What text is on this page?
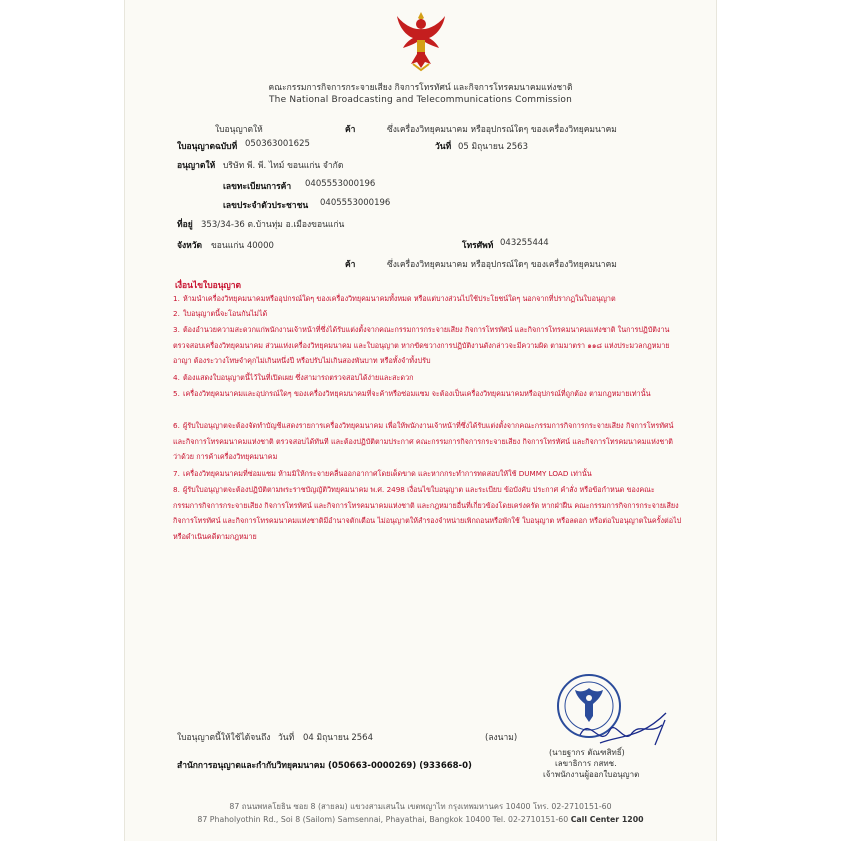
คณะกรรมการกิจการกระจายเสียง กิจการโทรทัศน์ และกิจการโทรคมนาคมแห่งชาติ
The National Broadcasting and Telecommunications Commission
ใบอนุญาตให้	ค้า	ซึ่งเครื่องวิทยุคมนาคม หรืออุปกรณ์ใดๆ ของเครื่องวิทยุคมนาคม
ใบอนุญาตฉบับที่ 050363001625	วันที่ 05 มิถุนายน 2563
อนุญาตให้ บริษัท พี. พี. ไทม์ ขอนแก่น จำกัด
เลขทะเบียนการค้า 0405553000196
เลขประจำตัวประชาชน 0405553000196
ที่อยู่ 353/34-36 ต.บ้านทุ่ม อ.เมืองขอนแก่น
จังหวัด ขอนแก่น 40000	โทรศัพท์ 043255444
ค้า	ซึ่งเครื่องวิทยุคมนาคม หรืออุปกรณ์ใดๆ ของเครื่องวิทยุคมนาคม
เงื่อนไขใบอนุญาต
1. ห้ามนำเครื่องวิทยุคมนาคมหรืออุปกรณ์ใดๆ ของเครื่องวิทยุคมนาคมทั้งหมด หรือแต่บางส่วนไปใช้ประโยชน์ใดๆ นอกจากที่ปรากฏในใบอนุญาต
2. ใบอนุญาตนี้จะโอนกันไม่ได้
3. ต้องอำนวยความสะดวกแก่พนักงานเจ้าหน้าที่ซึ่งได้รับแต่งตั้งจากคณะกรรมการกระจายเสียง กิจการโทรทัศน์ และกิจการโทรคมนาคมแห่งชาติ ในการปฏิบัติงานตรวจสอบเครื่องวิทยุคมนาคม ส่วนแห่งเครื่องวิทยุคมนาคม และใบอนุญาต หากขัดขวางการปฏิบัติงานดังกล่าวจะมีความผิด ตามมาตรา ๑๑๘ แห่งประมวลกฎหมายอาญา ต้องระวางโทษจำคุกไม่เกินหนึ่งปี หรือปรับไม่เกินสองพันบาท หรือทั้งจำทั้งปรับ
4. ต้องแสดงใบอนุญาตนี้ไว้ในที่เปิดเผย ซึ่งสามารถตรวจสอบได้ง่ายและสะดวก
5. เครื่องวิทยุคมนาคมและอุปกรณ์ใดๆ ของเครื่องวิทยุคมนาคมที่จะค้าหรือซ่อมแซม จะต้องเป็นเครื่องวิทยุคมนาคมหรืออุปกรณ์ที่ถูกต้อง ตามกฎหมายเท่านั้น
6. ผู้รับใบอนุญาตจะต้องจัดทำบัญชีแสดงรายการเครื่องวิทยุคมนาคม เพื่อให้พนักงานเจ้าหน้าที่ซึ่งได้รับแต่งตั้งจากคณะกรรมการกิจการกระจายเสียง กิจการโทรทัศน์ และกิจการโทรคมนาคมแห่งชาติ ตรวจสอบได้ทันที และต้องปฏิบัติตามประกาศ คณะกรรมการกิจการกระจายเสียง กิจการโทรทัศน์ และกิจการโทรคมนาคมแห่งชาติ ว่าด้วย การค้าเครื่องวิทยุคมนาคม
7. เครื่องวิทยุคมนาคมที่ซ่อมแซม ห้ามมิให้กระจายคลื่นออกอากาศโดยเด็ดขาด และหากกระทำการทดสอบให้ใช้ DUMMY LOAD เท่านั้น
8. ผู้รับใบอนุญาตจะต้องปฏิบัติตามพระราชบัญญัติวิทยุคมนาคม พ.ศ. 2498 เงื่อนไขใบอนุญาต และระเบียบ ข้อบังคับ ประกาศ คำสั่ง หรือข้อกำหนด ของคณะกรรมการกิจการกระจายเสียง กิจการโทรทัศน์ และกิจการโทรคมนาคมแห่งชาติ และกฎหมายอื่นที่เกี่ยวข้องโดยเคร่งครัด หากฝ่าฝืน คณะกรรมการกิจการกระจายเสียง กิจการโทรทัศน์ และกิจการโทรคมนาคมแห่งชาติมีอำนาจตักเตือน ไม่อนุญาตให้สำรองจำหน่ายเพิกถอนหรือพักใช้ ใบอนุญาต หรือลดอก หรือต่อใบอนุญาตในครั้งต่อไป หรือดำเนินคดีตามกฎหมาย
ใบอนุญาตนี้ให้ใช้ได้จนถึง วันที่ 04 มิถุนายน 2564	(ลงนาม)
(นายฐากร ตัณฑสิทธิ์)
เลขาธิการ กสทช.
สำนักการอนุญาตและกำกับวิทยุคมนาคม (050663-0000269) (933668-0)
เจ้าพนักงานผู้ออกใบอนุญาต
87 ถนนพหลโยธิน ซอย 8 (สายลม) แขวงสามเสนใน เขตพญาไท กรุงเทพมหานคร 10400 โทร. 02-2710151-60
87 Phaholyothin Rd., Soi 8 (Sailom) Samsennai, Phayathai, Bangkok 10400 Tel. 02-2710151-60 Call Center 1200
